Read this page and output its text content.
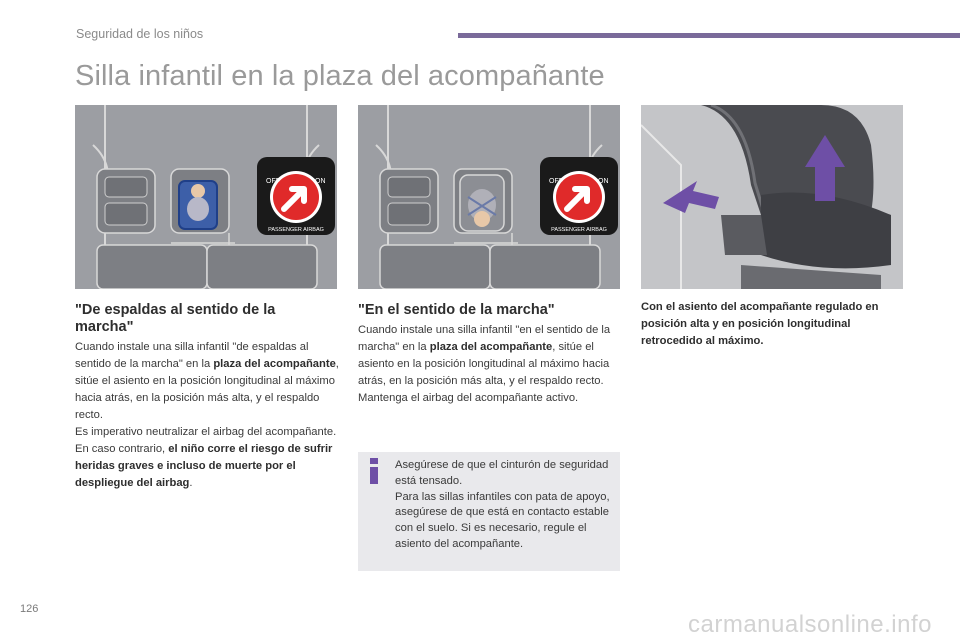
Seguridad de los niños
Silla infantil en la plaza del acompañante
OFF	ON
PASSENGER AIRBAG
OFF	ON
PASSENGER AIRBAG
"De espaldas al sentido de la marcha"
Cuando instale una silla infantil "de espaldas al sentido de la marcha" en la plaza del acompañante, sitúe el asiento en la posición longitudinal al máximo hacia atrás, en la posición más alta, y el respaldo recto.
Es imperativo neutralizar el airbag del acompañante. En caso contrario, el niño corre el riesgo de sufrir heridas graves e incluso de muerte por el despliegue del airbag.
"En el sentido de la marcha"
Cuando instale una silla infantil "en el sentido de la marcha" en la plaza del acompañante, sitúe el asiento en la posición longitudinal al máximo hacia atrás, en la posición más alta, y el respaldo recto. Mantenga el airbag del acompañante activo.
Asegúrese de que el cinturón de seguridad está tensado.
Para las sillas infantiles con pata de apoyo, asegúrese de que está en contacto estable con el suelo. Si es necesario, regule el asiento del acompañante.
Con el asiento del acompañante regulado en posición alta y en posición longitudinal retrocedido al máximo.
126
carmanualsonline.info
